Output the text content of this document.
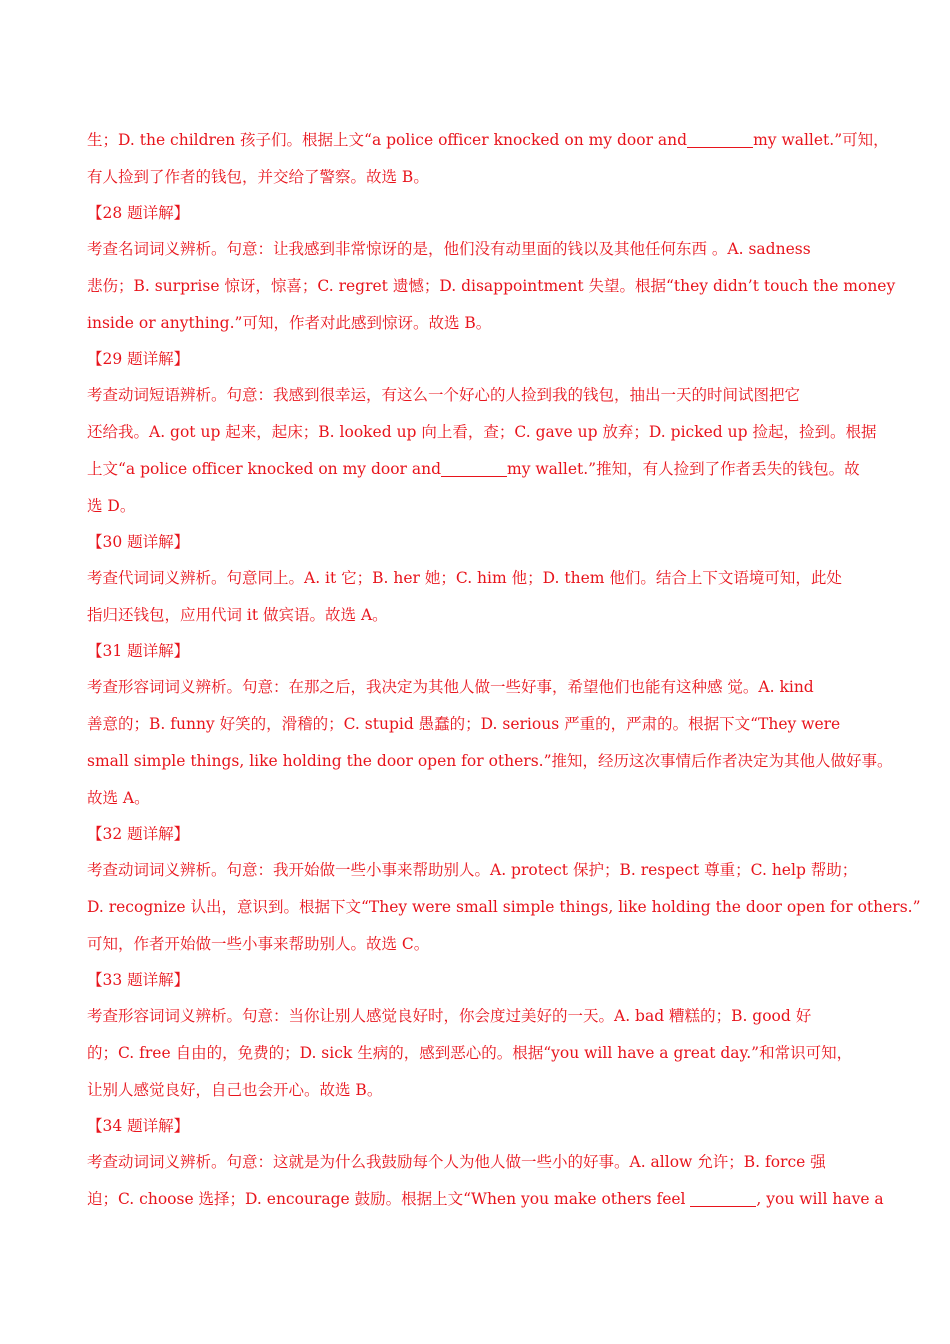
生；D. the children 孩子们。根据上文“a police officer knocked on my door and	my wallet.”可知，
有人捡到了作者的钱包，并交给了警察。故选 B。
【28 题详解】
考查名词词义辨析。句意：让我感到非常惊讶的是，他们没有动里面的钱以及其他任何东西 。A. sadness
悲伤；B. surprise 惊讶，惊喜；C. regret 遗憾；D. disappointment 失望。根据“they didn’t touch the money
inside or anything.”可知，作者对此感到惊讶。故选 B。
【29 题详解】
考查动词短语辨析。句意：我感到很幸运，有这么一个好心的人捡到我的钱包，抽出一天的时间试图把它
还给我。A. got up 起来，起床；B. looked up 向上看，查；C. gave up 放弃；D. picked up 捡起，捡到。根据
上文“a police officer knocked on my door and	my wallet.”推知，有人捡到了作者丢失的钱包。故
选 D。
【30 题详解】
考查代词词义辨析。句意同上。A. it 它；B. her 她；C. him 他；D. them 他们。结合上下文语境可知，此处
指归还钱包，应用代词 it 做宾语。故选 A。
【31 题详解】
考查形容词词义辨析。句意：在那之后，我决定为其他人做一些好事，希望他们也能有这种感 觉。A. kind
善意的；B. funny 好笑的，滑稽的；C. stupid 愚蠢的；D. serious 严重的，严肃的。根据下文“They were
small simple things, like holding the door open for others.”推知，经历这次事情后作者决定为其他人做好事。
故选 A。
【32 题详解】
考查动词词义辨析。句意：我开始做一些小事来帮助别人。A. protect 保护；B. respect 尊重；C. help 帮助；
D. recognize 认出，意识到。根据下文“They were small simple things, like holding the door open for others.”
可知，作者开始做一些小事来帮助别人。故选 C。
【33 题详解】
考查形容词词义辨析。句意：当你让别人感觉良好时，你会度过美好的一天。A. bad 糟糕的；B. good 好
的；C. free 自由的，免费的；D. sick 生病的，感到恶心的。根据“you will have a great day.”和常识可知，
让别人感觉良好，自己也会开心。故选 B。
【34 题详解】
考查动词词义辨析。句意：这就是为什么我鼓励每个人为他人做一些小的好事。A. allow 允许；B. force 强
迫；C. choose 选择；D. encourage 鼓励。根据上文“When you make others feel	, you will have a
